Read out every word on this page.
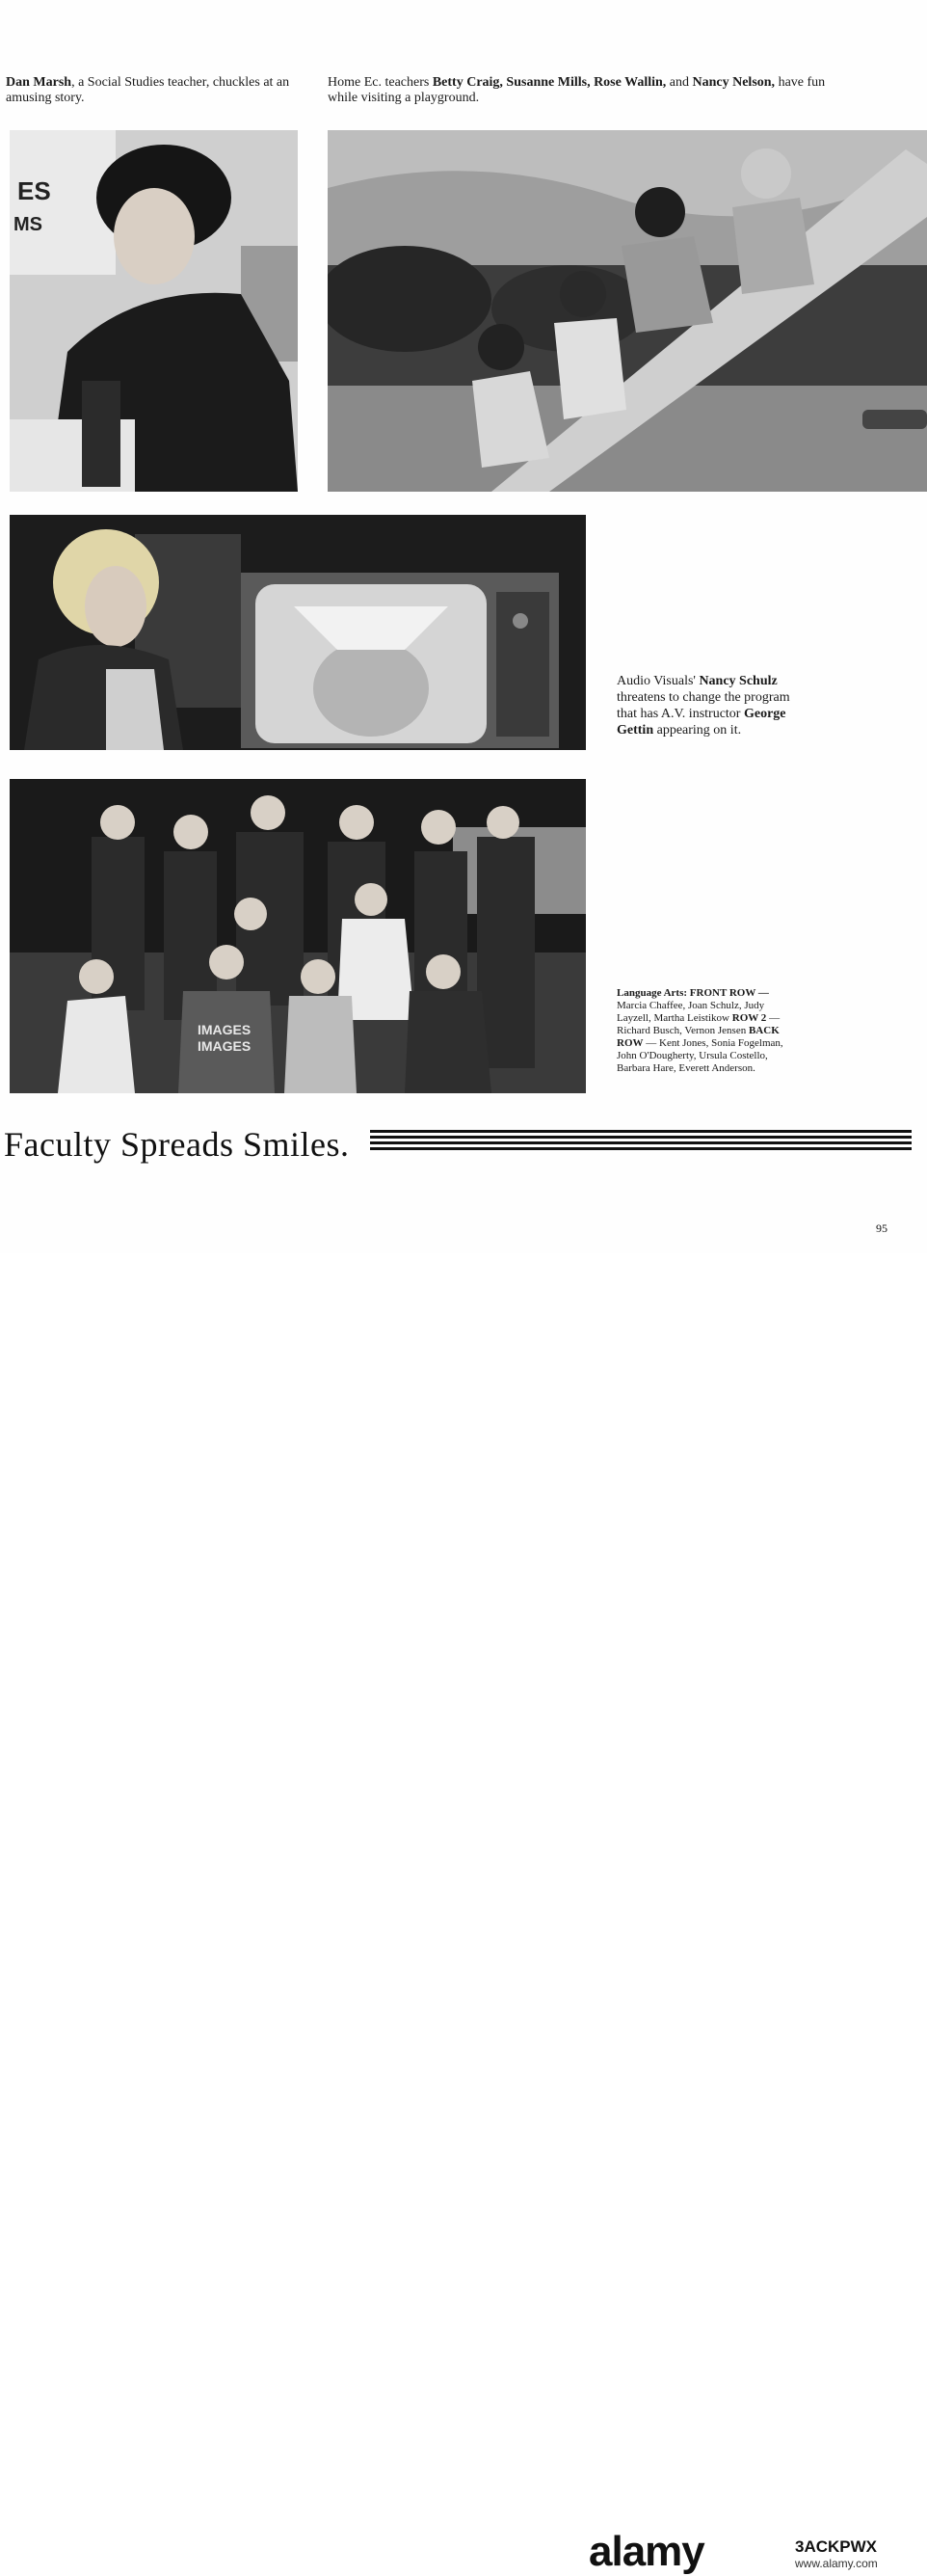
Dan Marsh, a Social Studies teacher, chuckles at an amusing story.
Home Ec. teachers Betty Craig, Susanne Mills, Rose Wallin, and Nancy Nelson, have fun while visiting a playground.
ES
MS
Audio Visuals' Nancy Schulz threatens to change the program that has A.V. instructor George Gettin appearing on it.
IMAGES
IMAGES
Language Arts: FRONT ROW — Marcia Chaffee, Joan Schulz, Judy Layzell, Martha Leistikow ROW 2 — Richard Busch, Vernon Jensen BACK ROW — Kent Jones, Sonia Fogelman, John O'Dougherty, Ursula Costello, Barbara Hare, Everett Anderson.
Faculty Spreads Smiles.
95
alamy	3ACKPWX
www.alamy.com
